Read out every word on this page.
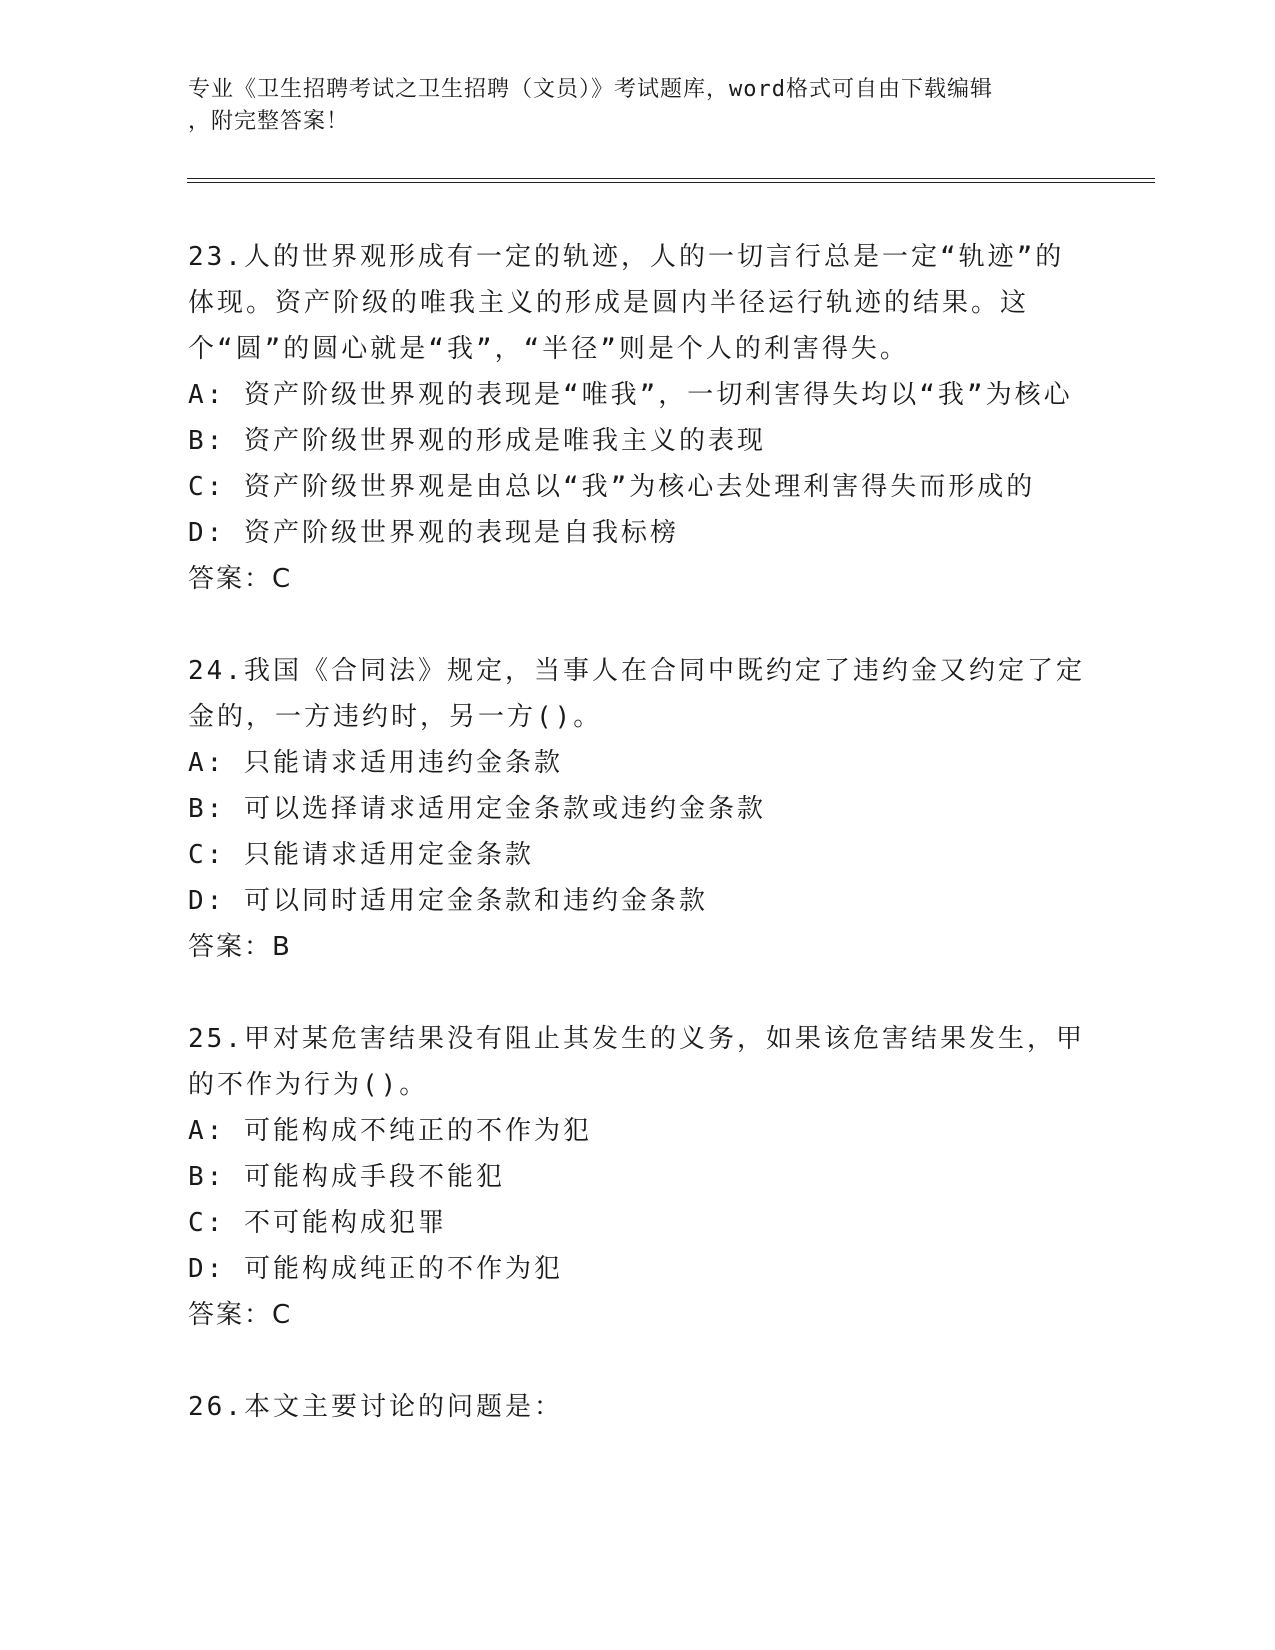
专业《卫生招聘考试之卫生招聘（文员）》考试题库，word格式可自由下载编辑
，附完整答案！

23.人的世界观形成有一定的轨迹，人的一切言行总是一定“轨迹”的体现。资产阶级的唯我主义的形成是圆内半径运行轨迹的结果。这个“圆”的圆心就是“我”，“半径”则是个人的利害得失。

A: 资产阶级世界观的表现是“唯我”，一切利害得失均以“我”为核心

B: 资产阶级世界观的形成是唯我主义的表现

C: 资产阶级世界观是由总以“我”为核心去处理利害得失而形成的

D: 资产阶级世界观的表现是自我标榜

答案：C

24.我国《合同法》规定，当事人在合同中既约定了违约金又约定了定金的，一方违约时，另一方()。

A: 只能请求适用违约金条款

B: 可以选择请求适用定金条款或违约金条款

C: 只能请求适用定金条款

D: 可以同时适用定金条款和违约金条款

答案：B

25.甲对某危害结果没有阻止其发生的义务，如果该危害结果发生，甲的不作为行为()。

A: 可能构成不纯正的不作为犯

B: 可能构成手段不能犯

C: 不可能构成犯罪

D: 可能构成纯正的不作为犯

答案：C

26.本文主要讨论的问题是：
